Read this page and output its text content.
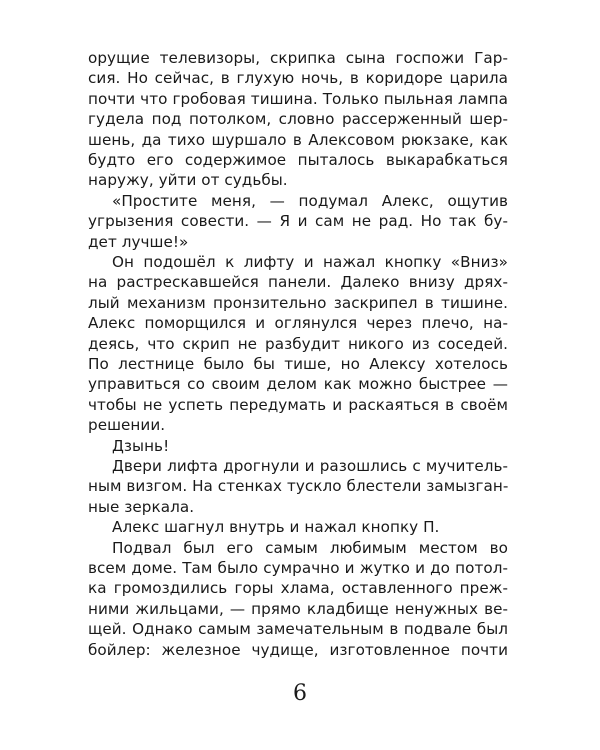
орущие телевизоры, скрипка сына госпожи Гар-
сия. Но сейчас, в глухую ночь, в коридоре царила
почти что гробовая тишина. Только пыльная лампа
гудела под потолком, словно рассерженный шер-
шень, да тихо шуршало в Алексовом рюкзаке, как
будто его содержимое пыталось выкарабкаться
наружу, уйти от судьбы.
«Простите меня, — подумал Алекс, ощутив
угрызения совести. — Я и сам не рад. Но так бу-
дет лучше!»
Он подошёл к лифту и нажал кнопку «Вниз»
на растрескавшейся панели. Далеко внизу дрях-
лый механизм пронзительно заскрипел в тишине.
Алекс поморщился и оглянулся через плечо, на-
деясь, что скрип не разбудит никого из соседей.
По лестнице было бы тише, но Алексу хотелось
управиться со своим делом как можно быстрее —
чтобы не успеть передумать и раскаяться в своём
решении.
Дзынь!
Двери лифта дрогнули и разошлись с мучитель-
ным визгом. На стенках тускло блестели замызган-
ные зеркала.
Алекс шагнул внутрь и нажал кнопку П.
Подвал был его самым любимым местом во
всем доме. Там было сумрачно и жутко и до потол-
ка громоздились горы хлама, оставленного преж-
ними жильцами, — прямо кладбище ненужных ве-
щей. Однако самым замечательным в подвале был
бойлер: железное чудище, изготовленное почти
6
